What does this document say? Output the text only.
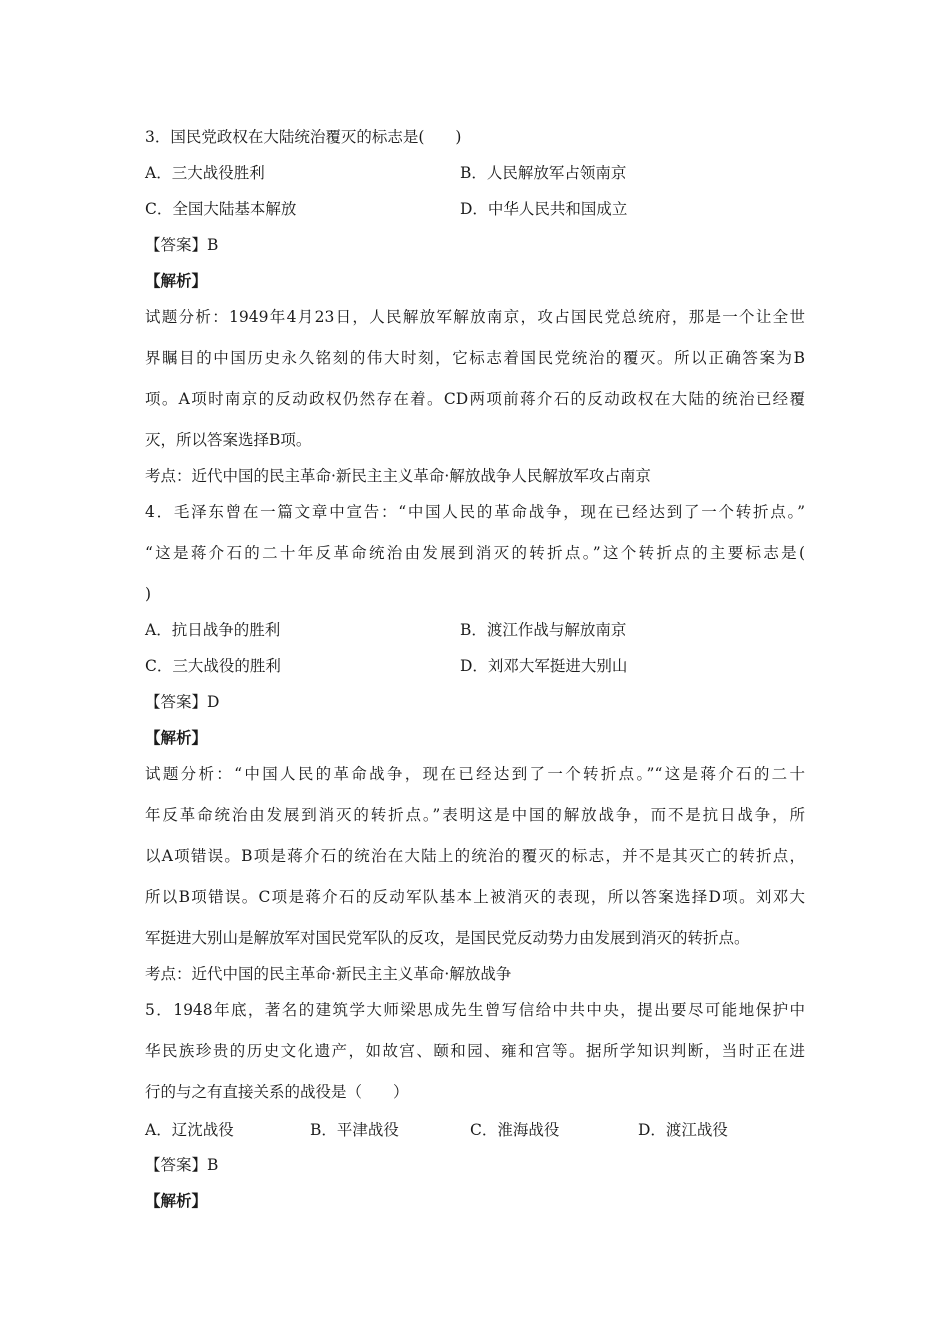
3．国民党政权在大陆统治覆灭的标志是(　　)
A．三大战役胜利	B．人民解放军占领南京
C．全国大陆基本解放	D．中华人民共和国成立
【答案】B
【解析】
试题分析：1949年4月23日，人民解放军解放南京，攻占国民党总统府，那是一个让全世
界瞩目的中国历史永久铭刻的伟大时刻，它标志着国民党统治的覆灭。所以正确答案为B
项。A项时南京的反动政权仍然存在着。CD两项前蒋介石的反动政权在大陆的统治已经覆
灭，所以答案选择B项。
考点：近代中国的民主革命·新民主主义革命·解放战争人民解放军攻占南京
4．毛泽东曾在一篇文章中宣告：“中国人民的革命战争，现在已经达到了一个转折点。”
“这是蒋介石的二十年反革命统治由发展到消灭的转折点。”这个转折点的主要标志是(
)
A．抗日战争的胜利	B．渡江作战与解放南京
C．三大战役的胜利	D．刘邓大军挺进大别山
【答案】D
【解析】
试题分析：“中国人民的革命战争，现在已经达到了一个转折点。”“这是蒋介石的二十
年反革命统治由发展到消灭的转折点。”表明这是中国的解放战争，而不是抗日战争，所
以A项错误。B项是蒋介石的统治在大陆上的统治的覆灭的标志，并不是其灭亡的转折点，
所以B项错误。C项是蒋介石的反动军队基本上被消灭的表现，所以答案选择D项。刘邓大
军挺进大别山是解放军对国民党军队的反攻，是国民党反动势力由发展到消灭的转折点。
考点：近代中国的民主革命·新民主主义革命·解放战争
5．1948年底，著名的建筑学大师梁思成先生曾写信给中共中央，提出要尽可能地保护中
华民族珍贵的历史文化遗产，如故宫、颐和园、雍和宫等。据所学知识判断，当时正在进
行的与之有直接关系的战役是（　　）
A．辽沈战役	B．平津战役	C．淮海战役	D．渡江战役
【答案】B
【解析】
